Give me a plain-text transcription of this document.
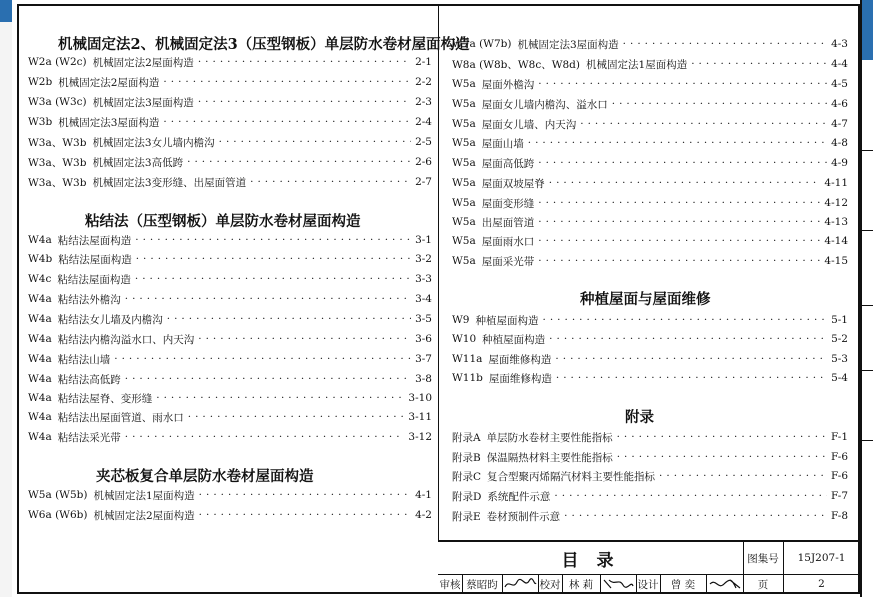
机械固定法2、机械固定法3（压型钢板）单层防水卷材屋面构造
W2a (W2c) 机械固定法2屋面构造 ·····	2-1
W2b 机械固定法2屋面构造 ·····	2-2
W3a (W3c) 机械固定法3屋面构造 ·····	2-3
W3b 机械固定法3屋面构造 ·····	2-4
W3a、W3b 机械固定法3女儿墙内檐沟 ·····	2-5
W3a、W3b 机械固定法3高低跨 ·····	2-6
W3a、W3b 机械固定法3变形缝、出屋面管道 ·····	2-7
粘结法（压型钢板）单层防水卷材屋面构造
W4a 粘结法屋面构造 ·····	3-1
W4b 粘结法屋面构造 ·····	3-2
W4c 粘结法屋面构造 ·····	3-3
W4a 粘结法外檐沟 ·····	3-4
W4a 粘结法女儿墙及内檐沟 ·····	3-5
W4a 粘结法内檐沟溢水口、内天沟 ·····	3-6
W4a 粘结法山墙 ·····	3-7
W4a 粘结法高低跨 ·····	3-8
W4a 粘结法屋脊、变形缝 ·····	3-10
W4a 粘结法出屋面管道、雨水口 ·····	3-11
W4a 粘结法采光带 ·····	3-12
夹芯板复合单层防水卷材屋面构造
W5a (W5b) 机械固定法1屋面构造 ·····	4-1
W6a (W6b) 机械固定法2屋面构造 ·····	4-2
W7a (W7b) 机械固定法3屋面构造 ·····	4-3
W8a (W8b、W8c、W8d) 机械固定法1屋面构造 ·····	4-4
W5a 屋面外檐沟 ·····	4-5
W5a 屋面女儿墙内檐沟、溢水口 ·····	4-6
W5a 屋面女儿墙、内天沟 ·····	4-7
W5a 屋面山墙 ·····	4-8
W5a 屋面高低跨 ·····	4-9
W5a 屋面双坡屋脊 ·····	4-11
W5a 屋面变形缝 ·····	4-12
W5a 出屋面管道 ·····	4-13
W5a 屋面雨水口 ·····	4-14
W5a 屋面采光带 ·····	4-15
种植屋面与屋面维修
W9 种植屋面构造 ·····	5-1
W10 种植屋面构造 ·····	5-2
W11a 屋面维修构造 ·····	5-3
W11b 屋面维修构造 ·····	5-4
附录
附录A 单层防水卷材主要性能指标 ·····	F-1
附录B 保温隔热材料主要性能指标 ·····	F-6
附录C 复合型聚丙烯隔汽材料主要性能指标 ·····	F-6
附录D 系统配件示意 ·····	F-7
附录E 卷材预制件示意 ·····	F-8
目 录	图集号	15J207-1
审核 蔡昭昀	校对 林 莉	设计	曾 奕	页	2
